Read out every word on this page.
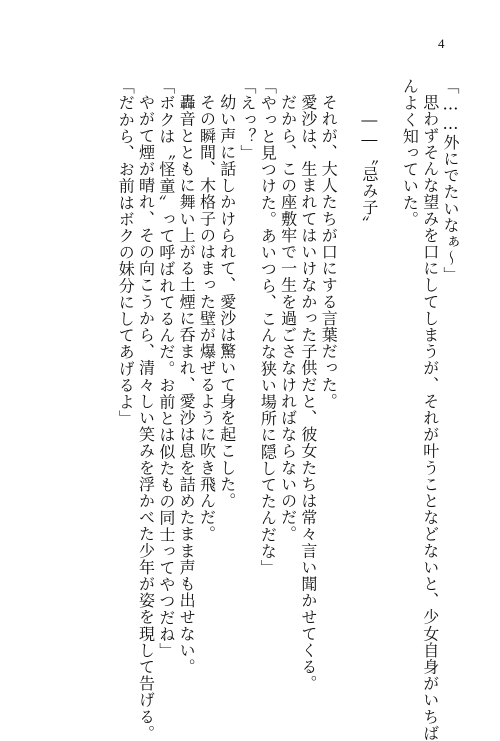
4
「……外にでたいなぁ～」
思わずそんな望みを口にしてしまうが、それが叶うことなどないと、少女自身がいちば
んよく知っていた。
――〝忌み子〟
それが、大人たちが口にする言葉だった。
愛沙は、生まれてはいけなかった子供だと、彼女たちは常々言い聞かせてくる。
だから、この座敷牢で一生を過ごさなければならないのだ。
「やっと見つけた。あいつら、こんな狭い場所に隠してたんだな」
「えっ？」
幼い声に話しかけられて、愛沙は驚いて身を起こした。
その瞬間、木格子のはまった壁が爆ぜるように吹き飛んだ。
轟音とともに舞い上がる土煙に呑まれ、愛沙は息を詰めたまま声も出せない。
「ボクは〝怪童〟って呼ばれてるんだ。お前とは似たもの同士ってやつだね」
やがて煙が晴れ、その向こうから、清々しい笑みを浮かべた少年が姿を現して告げる。
「だから、お前はボクの妹分にしてあげるよ」
